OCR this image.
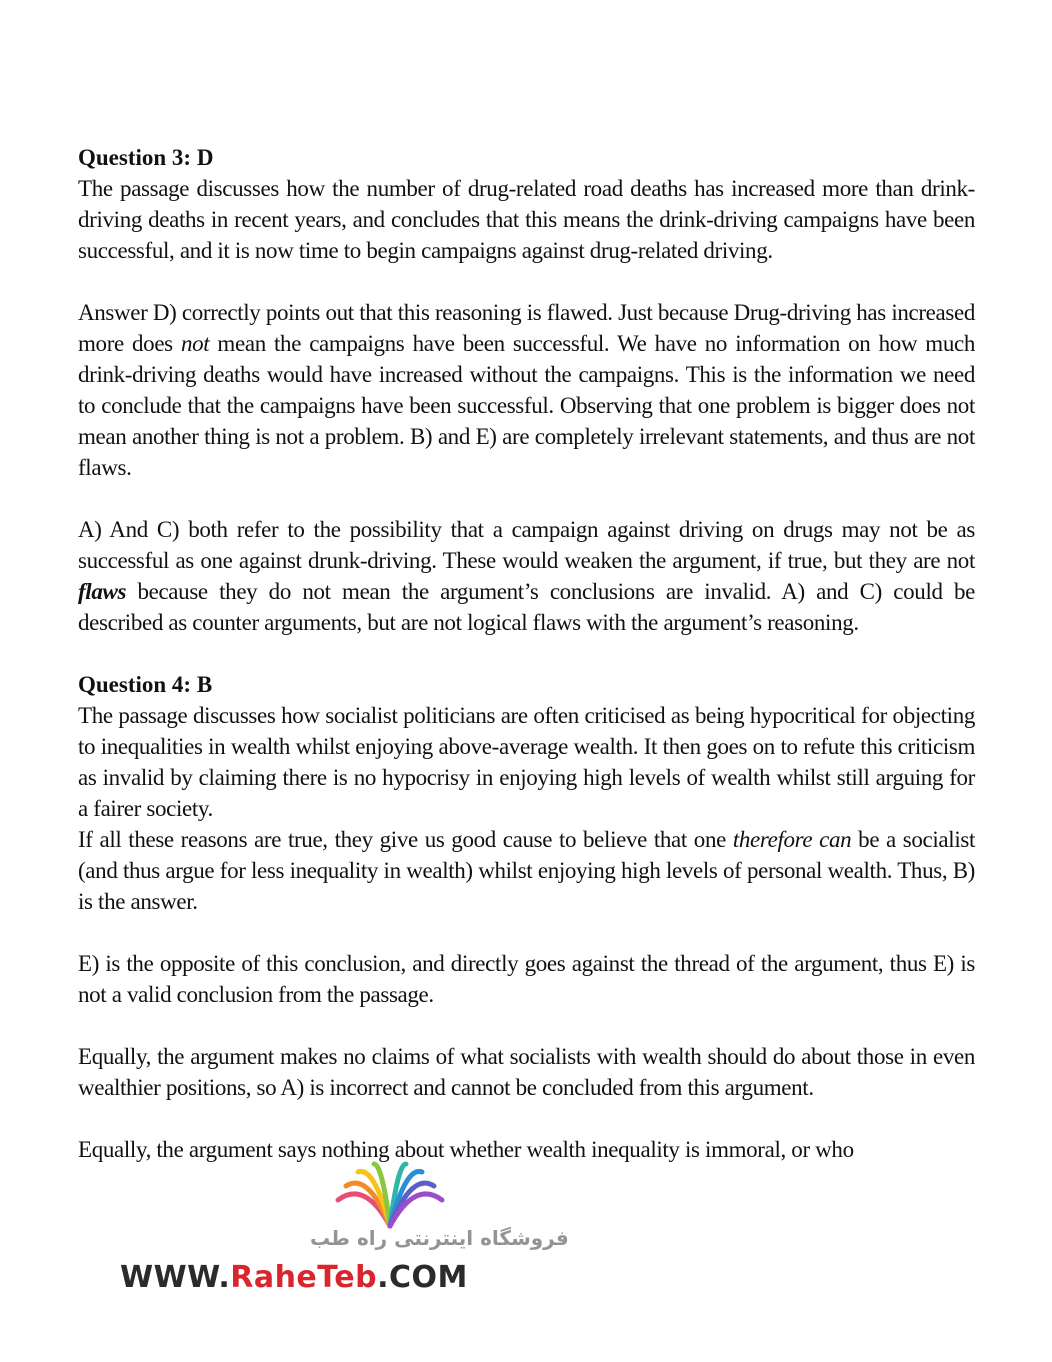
Question 3: D

The passage discusses how the number of drug-related road deaths has increased more than drink-driving deaths in recent years, and concludes that this means the drink-driving campaigns have been successful, and it is now time to begin campaigns against drug-related driving.

Answer D) correctly points out that this reasoning is flawed. Just because Drug-driving has increased more does not mean the campaigns have been successful. We have no information on how much drink-driving deaths would have increased without the campaigns. This is the information we need to conclude that the campaigns have been successful. Observing that one problem is bigger does not mean another thing is not a problem. B) and E) are completely irrelevant statements, and thus are not flaws.

A) And C) both refer to the possibility that a campaign against driving on drugs may not be as successful as one against drunk-driving. These would weaken the argument, if true, but they are not flaws because they do not mean the argument’s conclusions are invalid. A) and C) could be described as counter arguments, but are not logical flaws with the argument’s reasoning.

Question 4: B

The passage discusses how socialist politicians are often criticised as being hypocritical for objecting to inequalities in wealth whilst enjoying above-average wealth. It then goes on to refute this criticism as invalid by claiming there is no hypocrisy in enjoying high levels of wealth whilst still arguing for a fairer society.

If all these reasons are true, they give us good cause to believe that one therefore can be a socialist (and thus argue for less inequality in wealth) whilst enjoying high levels of personal wealth. Thus, B) is the answer.

E) is the opposite of this conclusion, and directly goes against the thread of the argument, thus E) is not a valid conclusion from the passage.

Equally, the argument makes no claims of what socialists with wealth should do about those in even wealthier positions, so A) is incorrect and cannot be concluded from this argument.

Equally, the argument says nothing about whether wealth inequality is immoral, or who

فروشگاه اینترنتی راه طب
WWW.RaheTeb.COM
